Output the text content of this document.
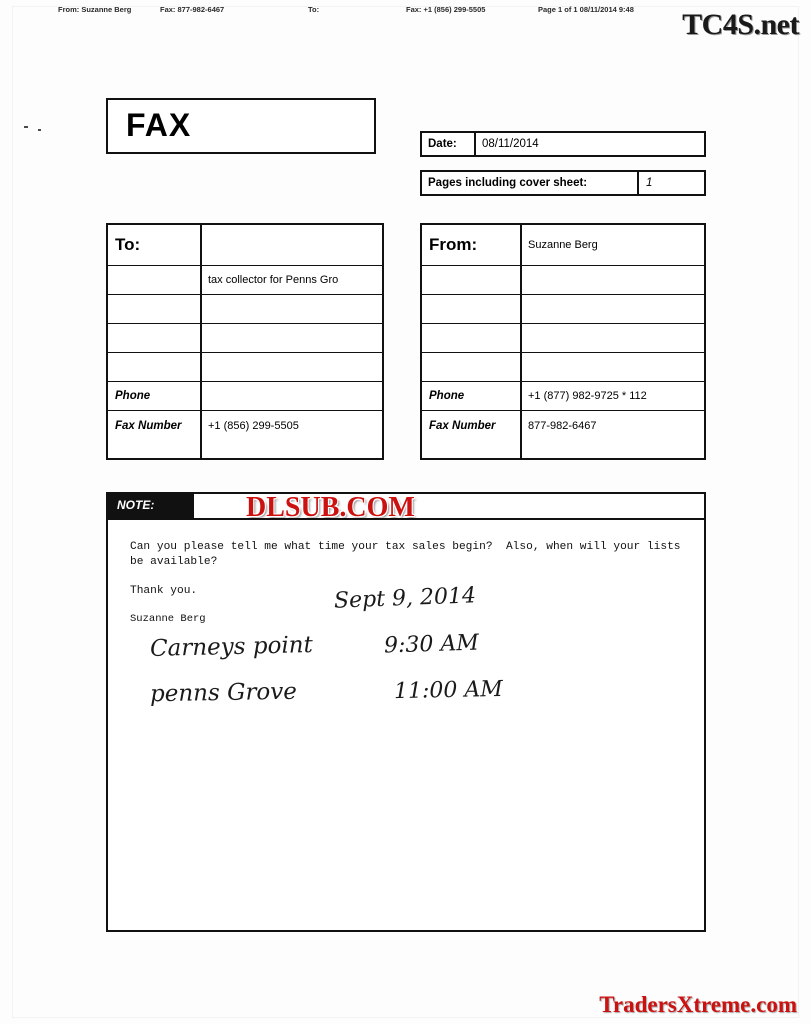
From: Suzanne Berg	Fax: 877-982-6467	To:	Fax: +1 (856) 299-5505	Page 1 of 1 08/11/2014 9:48 TC4S.net
FAX
Date: 08/11/2014
Pages including cover sheet:	1
To:
tax collector for Penns Gro
Phone
Fax Number +1 (856) 299-5505
From:	Suzanne Berg
Phone	+1 (877) 982-9725 * 112
Fax Number	877-982-6467
NOTE:
Can you please tell me what time your tax sales begin?  Also, when will your lists be available?
Thank you.
Suzanne Berg
Sept 9, 2014
Carneys point	9:30 AM
penns Grove	11:00 AM
DLSUB.COM
TradersXtreme.com
